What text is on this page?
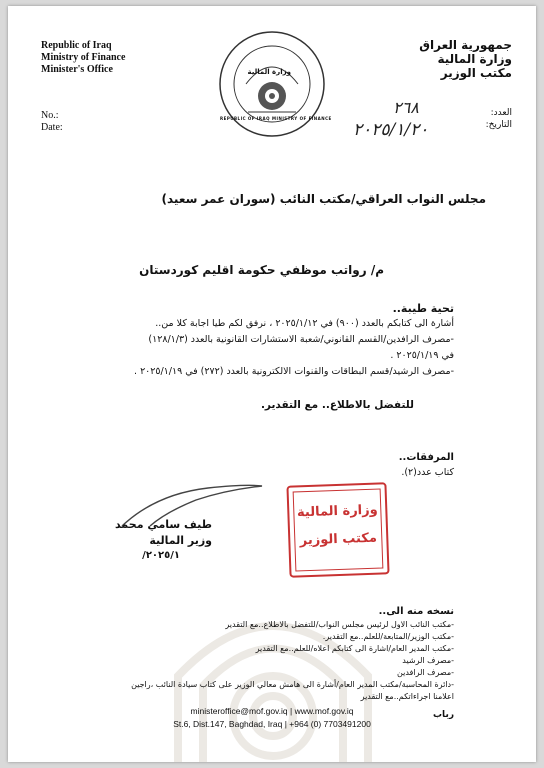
Republic of Iraq
Ministry of Finance
Minister's Office
No.:
Date:
وزارة المالية
REPUBLIC OF IRAQ MINISTRY OF FINANCE
جمهورية العراق
وزارة المالية
مكتب الوزير
العدد:
التاريخ:
٢٦٨
٢٠٢٥/١/٢٠
مجلس النواب العراقي/مكتب النائب (سوران عمر سعيد)
م/ رواتب موظفي حكومة اقليم كوردستان
تحية طيبة..
أشارة الى كتابكم بالعدد (٩٠٠) في ٢٠٢٥/١/١٢ ، نرفق لكم طيا اجابة كلا من..
-مصرف الرافدين/القسم القانوني/شعبة الاستشارات القانونية بالعدد (١٢٨/١/٣)
في ٢٠٢٥/١/١٩ .
-مصرف الرشيد/قسم البطاقات والقنوات الالكترونية بالعدد (٢٧٢) في ٢٠٢٥/١/١٩ .
للتفضل بالاطلاع.. مع التقدير.
المرفقات..
كتاب عدد(٢).
طيف سامي محمد
وزير المالية
٢٠٢٥/١/
وزارة المالية
مكتب الوزير
نسخه منه الى..
-مكتب النائب الاول لرئيس مجلس النواب/للتفضل بالاطلاع..مع التقدير
-مكتب الوزير/المتابعة/للعلم..مع التقدير.
-مكتب المدير العام/اشارة الى كتابكم اعلاه/للعلم..مع التقدير
-مصرف الرشيد
-مصرف الرافدين
-دائرة المحاسبة/مكتب المدير العام/أشارة الى هامش معالي الوزير على كتاب سيادة النائب ،راجين
اعلامنا اجراءاتكم..مع التقدير
رباب
ministeroffice@mof.gov.iq | www.mof.gov.iq
St.6, Dist.147, Baghdad, Iraq | +964 (0) 7703491200
